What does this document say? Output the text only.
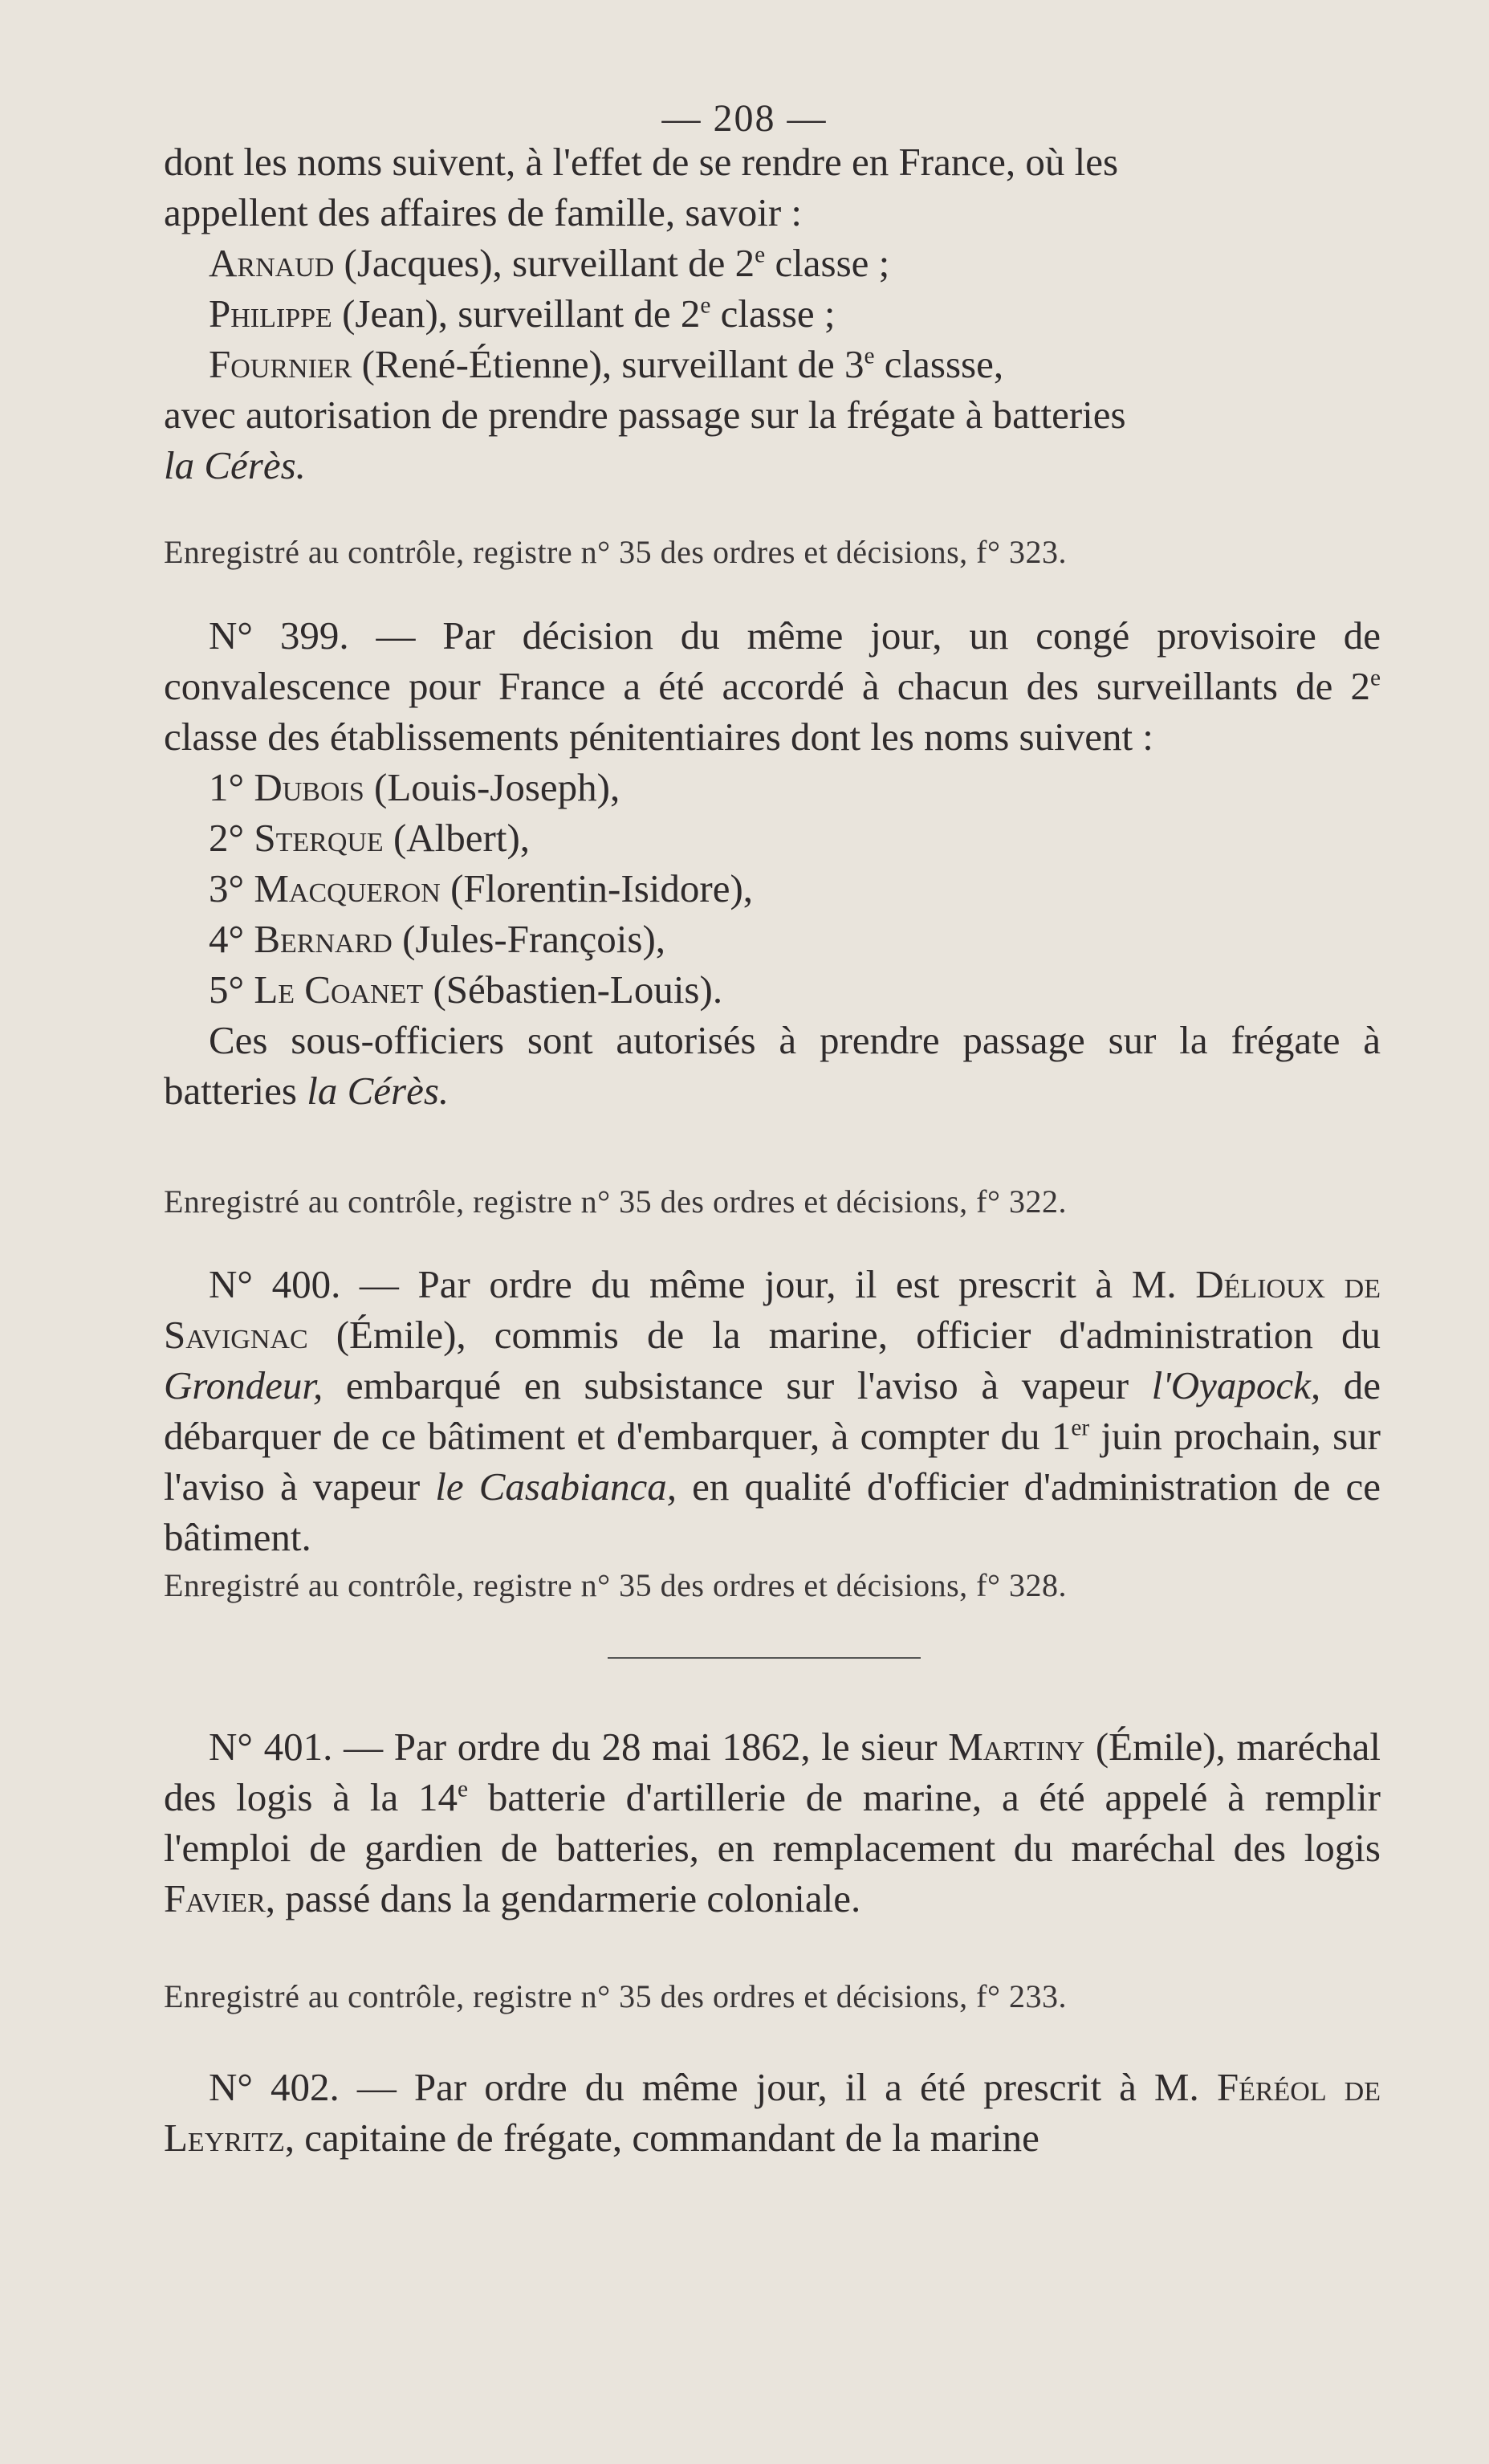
— 208 —
dont les noms suivent, à l'effet de se rendre en France, où les
appellent des affaires de famille, savoir :
Arnaud (Jacques), surveillant de 2e classe ;
Philippe (Jean), surveillant de 2e classe ;
Fournier (René-Étienne), surveillant de 3e classse,
avec autorisation de prendre passage sur la frégate à batteries
la Cérès.
Enregistré au contrôle, registre n° 35 des ordres et décisions, f° 323.
N° 399. — Par décision du même jour, un congé provisoire de convalescence pour France a été accordé à chacun des surveillants de 2e classe des établissements pénitentiaires dont les noms suivent :
1° Dubois (Louis-Joseph),
2° Sterque (Albert),
3° Macqueron (Florentin-Isidore),
4° Bernard (Jules-François),
5° Le Coanet (Sébastien-Louis).
Ces sous-officiers sont autorisés à prendre passage sur la frégate à batteries la Cérès.
Enregistré au contrôle, registre n° 35 des ordres et décisions, f° 322.
N° 400. — Par ordre du même jour, il est prescrit à M. Délioux de Savignac (Émile), commis de la marine, officier d'administration du Grondeur, embarqué en subsistance sur l'aviso à vapeur l'Oyapock, de débarquer de ce bâtiment et d'embarquer, à compter du 1er juin prochain, sur l'aviso à vapeur le Casabianca, en qualité d'officier d'administration de ce bâtiment.
Enregistré au contrôle, registre n° 35 des ordres et décisions, f° 328.
N° 401. — Par ordre du 28 mai 1862, le sieur Martiny (Émile), maréchal des logis à la 14e batterie d'artillerie de marine, a été appelé à remplir l'emploi de gardien de batteries, en remplacement du maréchal des logis Favier, passé dans la gendarmerie coloniale.
Enregistré au contrôle, registre n° 35 des ordres et décisions, f° 233.
N° 402. — Par ordre du même jour, il a été prescrit à M. Féréol de Leyritz, capitaine de frégate, commandant de la marine
